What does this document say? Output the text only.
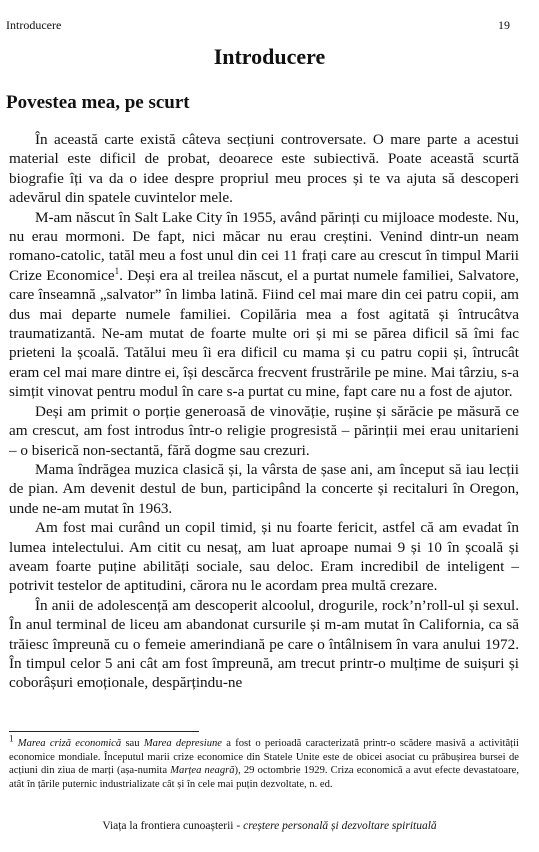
Introducere	19
Introducere
Povestea mea, pe scurt

În această carte există câteva secțiuni controversate. O mare parte a acestui material este dificil de probat, deoarece este subiectivă. Poate această scurtă biografie îți va da o idee despre propriul meu proces și te va ajuta să descoperi adevărul din spatele cuvintelor mele.

M-am născut în Salt Lake City în 1955, având părinți cu mijloace modeste. Nu, nu erau mormoni. De fapt, nici măcar nu erau creștini. Venind dintr-un neam romano-catolic, tatăl meu a fost unul din cei 11 frați care au crescut în timpul Marii Crize Economice$^1$. Deși era al treilea născut, el a purtat numele familiei, Salvatore, care înseamnă „salvator” în limba latină. Fiind cel mai mare din cei patru copii, am dus mai departe numele familiei. Copilăria mea a fost agitată și întrucâtva traumatizantă. Ne-am mutat de foarte multe ori și mi se părea dificil să îmi fac prieteni la școală. Tatălui meu îi era dificil cu mama și cu patru copii și, întrucât eram cel mai mare dintre ei, își descărca frecvent frustrările pe mine. Mai târziu, s-a simțit vinovat pentru modul în care s-a purtat cu mine, fapt care nu a fost de ajutor.

Deși am primit o porție generoasă de vinovăție, rușine și sărăcie pe măsură ce am crescut, am fost introdus într-o religie progresistă – părinții mei erau unitarieni – o biserică non-sectantă, fără dogme sau crezuri.

Mama îndrăgea muzica clasică și, la vârsta de șase ani, am început să iau lecții de pian. Am devenit destul de bun, participând la concerte și recitaluri în Oregon, unde ne-am mutat în 1963.

Am fost mai curând un copil timid, și nu foarte fericit, astfel că am evadat în lumea intelectului. Am citit cu nesaț, am luat aproape numai 9 și 10 în școală și aveam foarte puține abilități sociale, sau deloc. Eram incredibil de inteligent – potrivit testelor de aptitudini, cărora nu le acordam prea multă crezare.

În anii de adolescență am descoperit alcoolul, drogurile, rock’n’roll-ul și sexul. În anul terminal de liceu am abandonat cursurile și m-am mutat în California, ca să trăiesc împreună cu o femeie amerindiană pe care o întâlnisem în vara anului 1972. În timpul celor 5 ani cât am fost împreună, am trecut printr-o mulțime de suișuri și coborâșuri emoționale, despărțindu-ne

$^1$ Marea criză economică sau Marea depresiune a fost o perioadă caracterizată printr-o scădere masivă a activității economice mondiale. Începutul marii crize economice din Statele Unite este de obicei asociat cu prăbușirea bursei de acțiuni din ziua de marți (așa-numita Marțea neagră), 29 octombrie 1929. Criza economică a avut efecte devastatoare, atât în țările puternic industrializate cât și în cele mai puțin dezvoltate, n. ed.
Viața la frontiera cunoașterii - creștere personală și dezvoltare spirituală
